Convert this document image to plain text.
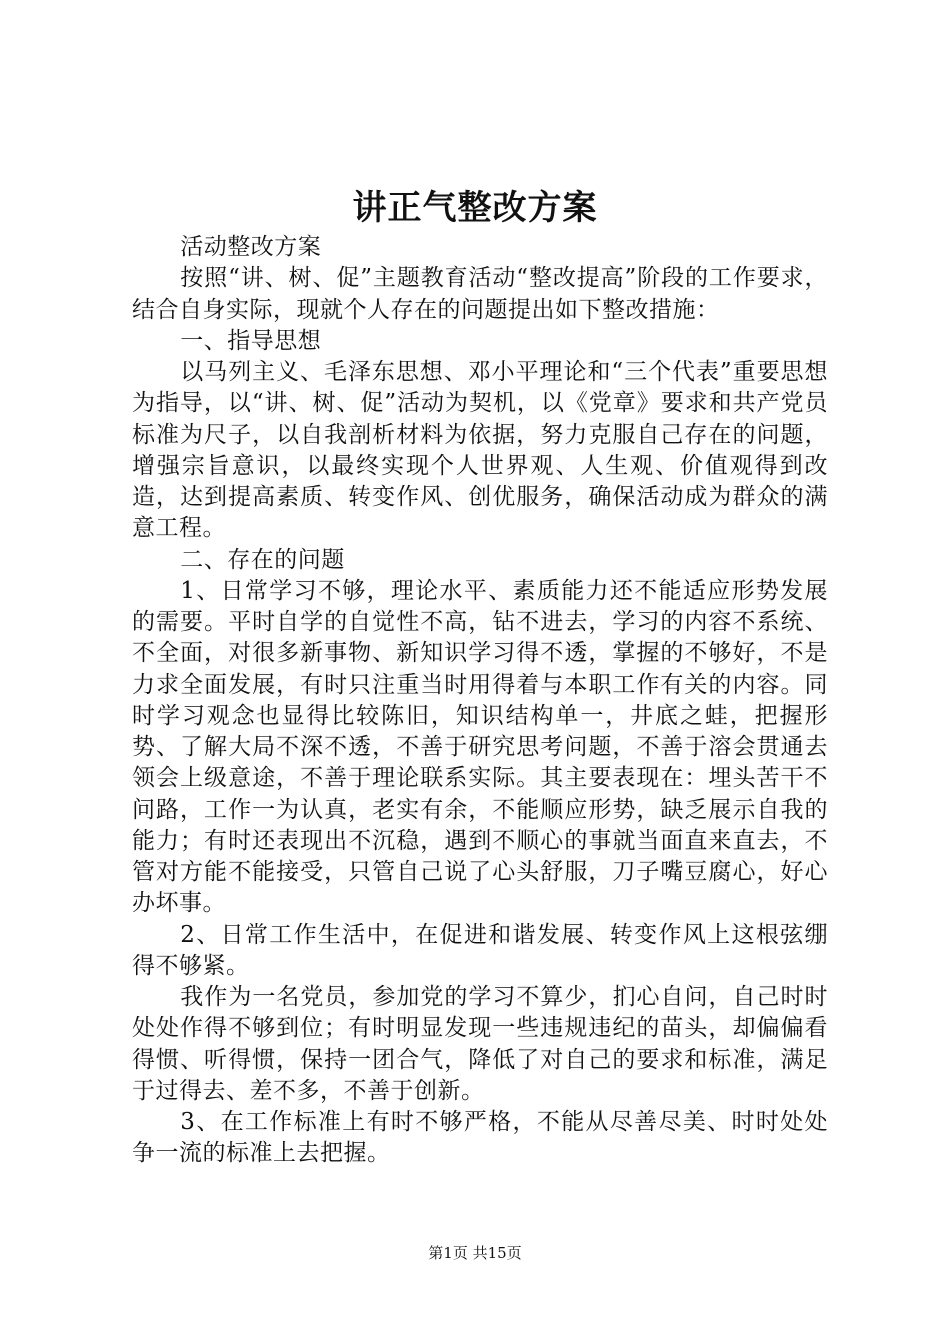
讲正气整改方案

活动整改方案

按照“讲、树、促”主题教育活动“整改提高”阶段的工作要求，结合自身实际，现就个人存在的问题提出如下整改措施：

一、指导思想

以马列主义、毛泽东思想、邓小平理论和“三个代表”重要思想为指导，以“讲、树、促”活动为契机，以《党章》要求和共产党员标准为尺子，以自我剖析材料为依据，努力克服自己存在的问题，增强宗旨意识，以最终实现个人世界观、人生观、价值观得到改造，达到提高素质、转变作风、创优服务，确保活动成为群众的满意工程。

二、存在的问题

1、日常学习不够，理论水平、素质能力还不能适应形势发展的需要。平时自学的自觉性不高，钻不进去，学习的内容不系统、不全面，对很多新事物、新知识学习得不透，掌握的不够好，不是力求全面发展，有时只注重当时用得着与本职工作有关的内容。同时学习观念也显得比较陈旧，知识结构单一，井底之蛙，把握形势、了解大局不深不透，不善于研究思考问题，不善于溶会贯通去领会上级意途，不善于理论联系实际。其主要表现在：埋头苦干不问路，工作一为认真，老实有余，不能顺应形势，缺乏展示自我的能力；有时还表现出不沉稳，遇到不顺心的事就当面直来直去，不管对方能不能接受，只管自己说了心头舒服，刀子嘴豆腐心，好心办坏事。

2、日常工作生活中，在促进和谐发展、转变作风上这根弦绷得不够紧。

我作为一名党员，参加党的学习不算少，扪心自问，自己时时处处作得不够到位；有时明显发现一些违规违纪的苗头，却偏偏看得惯、听得惯，保持一团合气，降低了对自己的要求和标准，满足于过得去、差不多，不善于创新。

3、在工作标准上有时不够严格，不能从尽善尽美、时时处处争一流的标准上去把握。

第1页 共15页
